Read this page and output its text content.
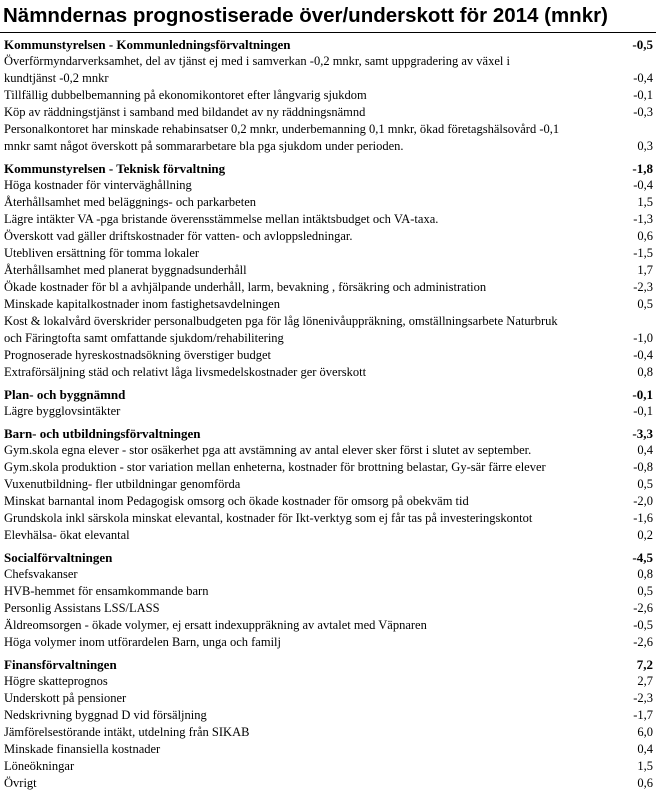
Nämndernas prognostiserade över/underskott för 2014 (mnkr)
Kommunstyrelsen - Kommunledningsförvaltningen	-0,5
Överförmyndarverksamhet, del av tjänst ej med i samverkan -0,2 mnkr, samt uppgradering av växel i kundtjänst -0,2 mnkr	-0,4
Tillfällig dubbelbemanning på ekonomikontoret efter långvarig sjukdom	-0,1
Köp av räddningstjänst i samband med bildandet av ny räddningsnämnd	-0,3
Personalkontoret har minskade rehabinsatser 0,2 mnkr, underbemanning 0,1 mnkr, ökad företagshälsovård -0,1 mnkr samt något överskott på sommararbetare bla pga sjukdom under perioden.	0,3
Kommunstyrelsen - Teknisk förvaltning	-1,8
Höga kostnader för vinterväghållning	-0,4
Återhållsamhet med beläggnings- och parkarbeten	1,5
Lägre intäkter VA -pga bristande överensstämmelse mellan intäktsbudget och VA-taxa.	-1,3
Överskott vad gäller driftskostnader för vatten- och avloppsledningar.	0,6
Utebliven ersättning för tomma lokaler	-1,5
Återhållsamhet med planerat byggnadsunderhåll	1,7
Ökade kostnader för bl a avhjälpande underhåll, larm, bevakning , försäkring och administration	-2,3
Minskade kapitalkostnader inom fastighetsavdelningen	0,5
Kost & lokalvård överskrider personalbudgeten pga för låg lönenivåuppräkning, omställningsarbete Naturbruk och Färingtofta samt omfattande sjukdom/rehabilitering	-1,0
Prognoserade hyreskostnadsökning överstiger budget	-0,4
Extraförsäljning städ och relativt låga livsmedelskostnader ger överskott	0,8
Plan- och byggnämnd	-0,1
Lägre bygglovsintäkter	-0,1
Barn- och utbildningsförvaltningen	-3,3
Gym.skola egna elever - stor osäkerhet pga att avstämning av antal elever sker först i slutet av september.	0,4
Gym.skola produktion - stor variation mellan enheterna, kostnader för brottning belastar, Gy-sär färre elever	-0,8
Vuxenutbildning- fler utbildningar genomförda	0,5
Minskat barnantal inom Pedagogisk omsorg och ökade kostnader för omsorg på obekväm tid	-2,0
Grundskola inkl särskola minskat elevantal, kostnader för Ikt-verktyg som ej får tas på investeringskontot	-1,6
Elevhälsa- ökat elevantal	0,2
Socialförvaltningen	-4,5
Chefsvakanser	0,8
HVB-hemmet för ensamkommande barn	0,5
Personlig Assistans LSS/LASS	-2,6
Äldreomsorgen - ökade volymer, ej ersatt indexuppräkning av avtalet med Väpnaren	-0,5
Höga volymer inom utförardelen Barn, unga och familj	-2,6
Finansförvaltningen	7,2
Högre skatteprognos	2,7
Underskott på pensioner	-2,3
Nedskrivning byggnad D vid försäljning	-1,7
Jämförelsestörande intäkt, utdelning från SIKAB	6,0
Minskade finansiella kostnader	0,4
Löneökningar	1,5
Övrigt	0,6
